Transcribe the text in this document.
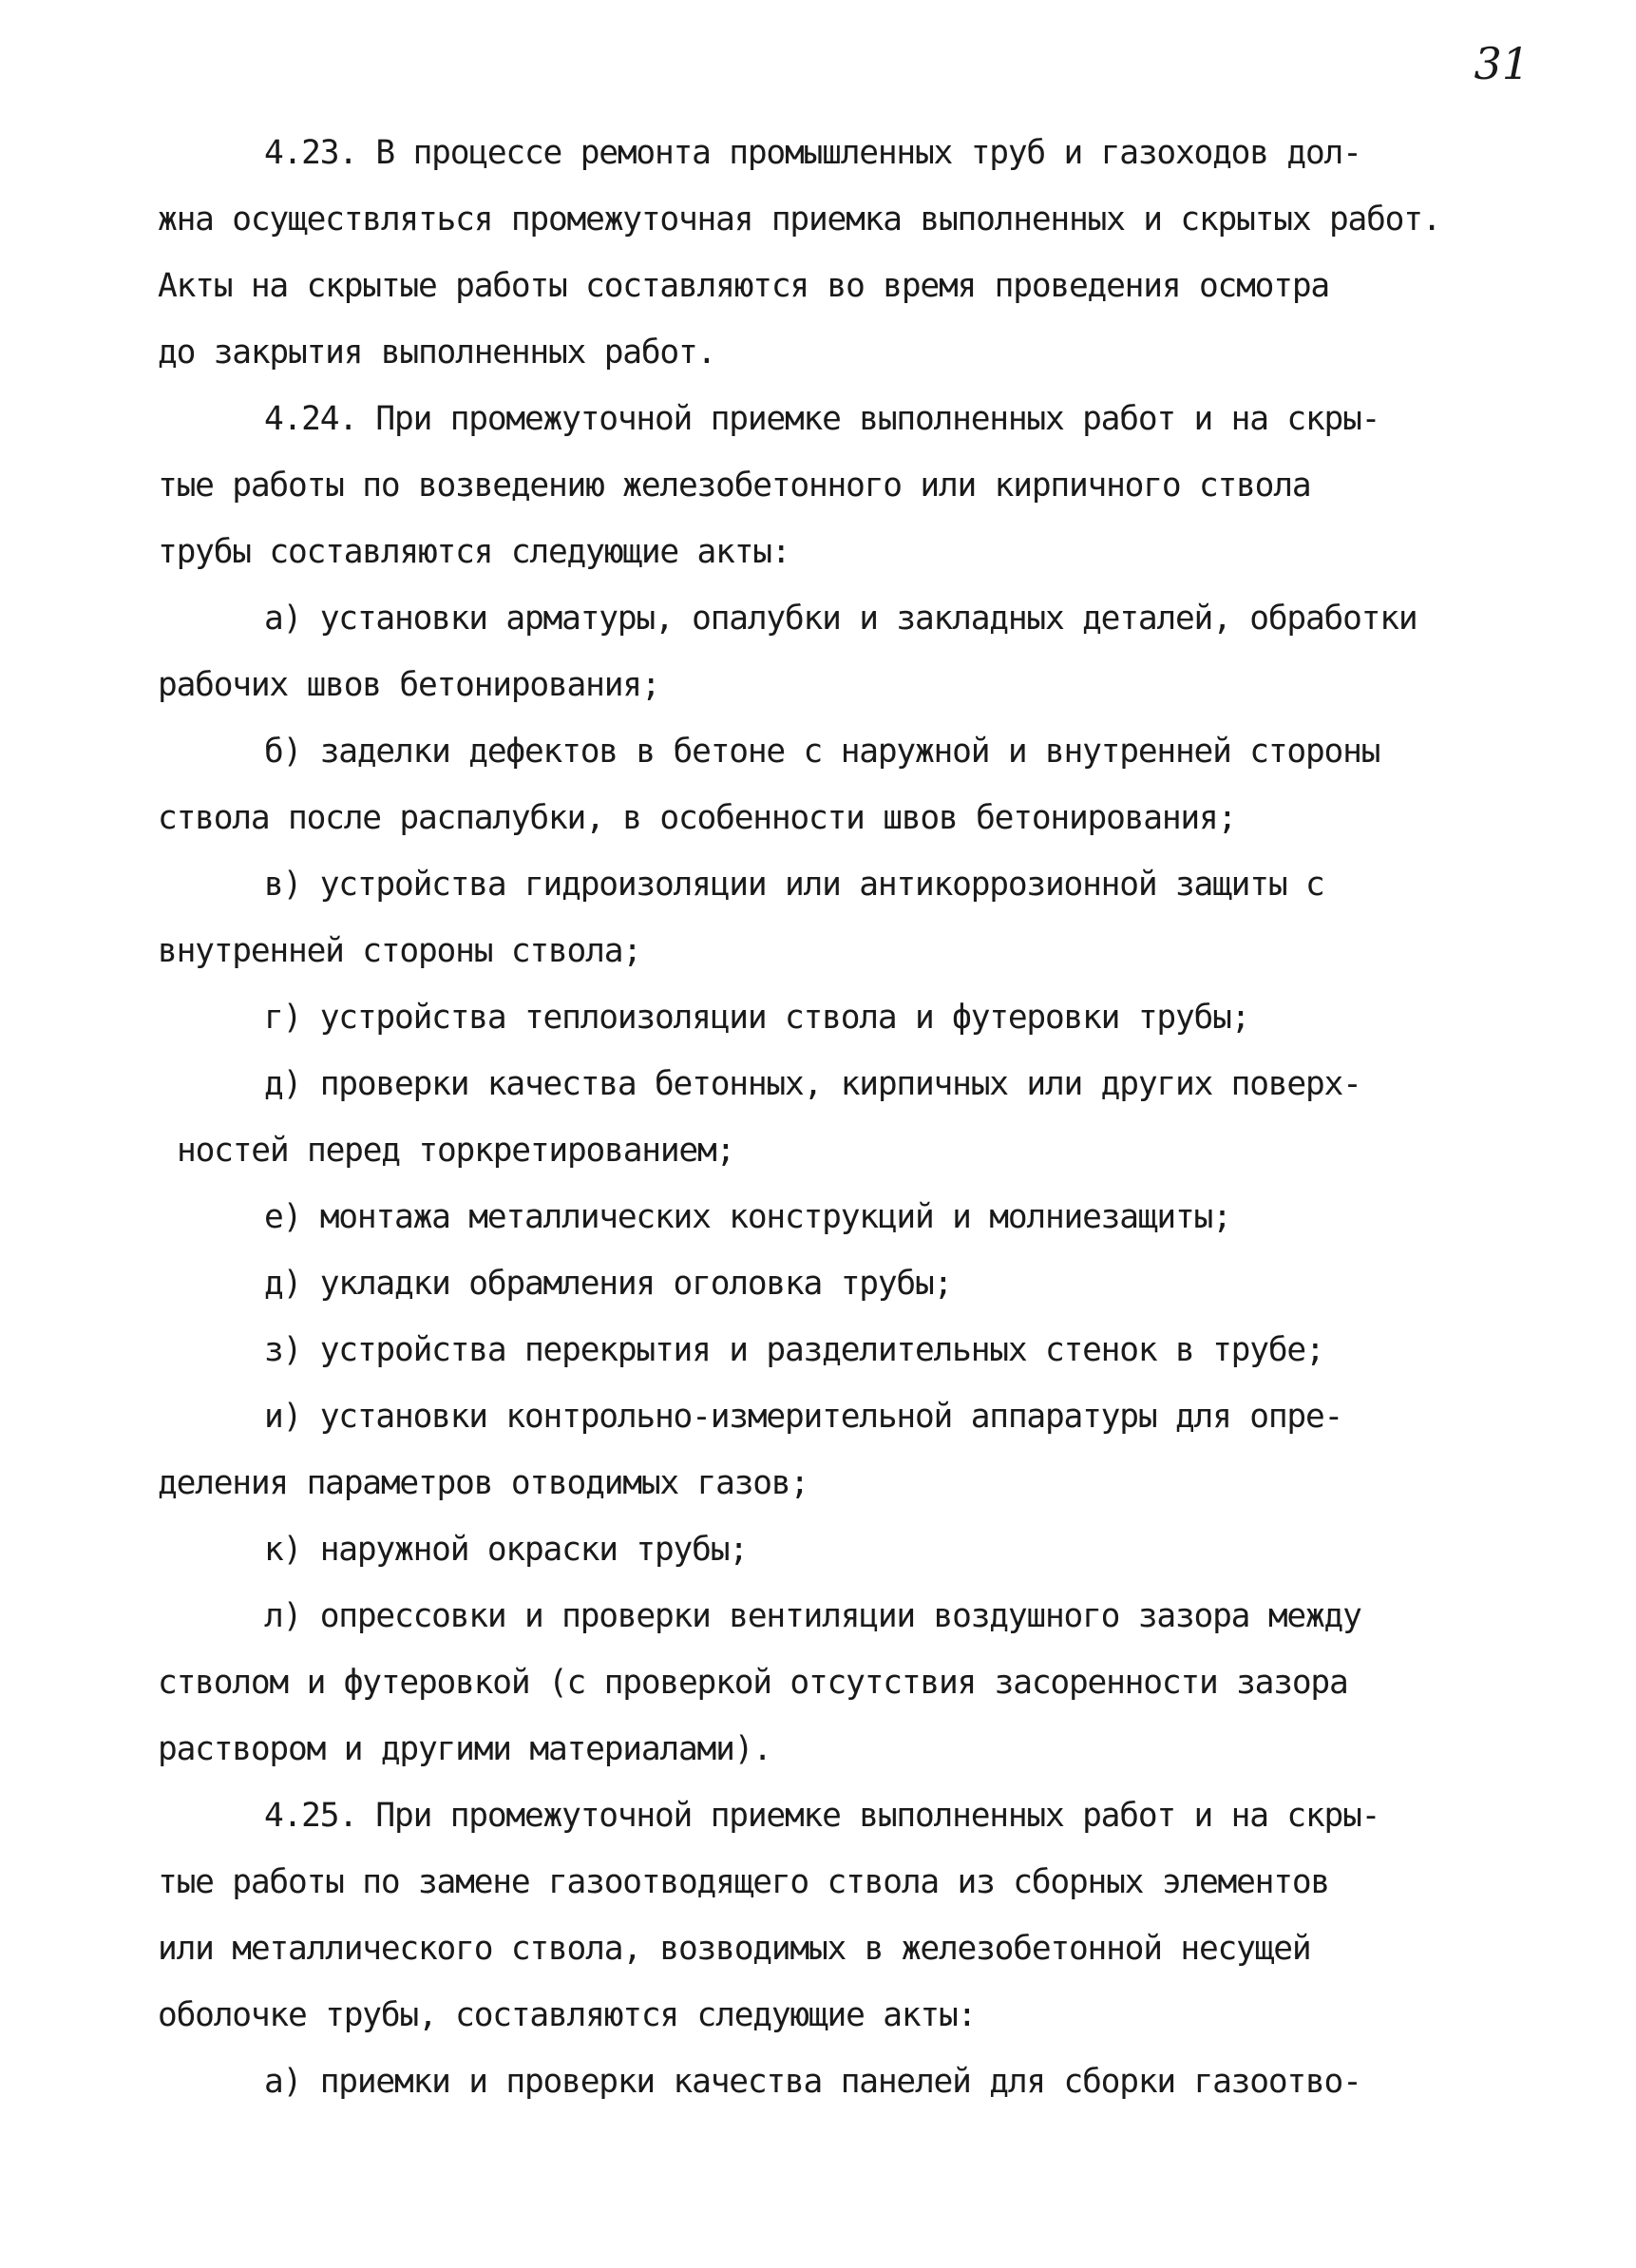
31
4.23. В процессе ремонта промышленных труб и газоходов дол-
жна осуществляться промежуточная приемка выполненных и скрытых работ.
Акты на скрытые работы составляются во время проведения осмотра
до закрытия выполненных работ.
4.24. При промежуточной приемке выполненных работ и на скры-
тые работы по возведению железобетонного или кирпичного ствола
трубы составляются следующие акты:
а) установки арматуры, опалубки и закладных деталей, обработки
рабочих швов бетонирования;
б) заделки дефектов в бетоне с наружной и внутренней стороны
ствола после распалубки, в особенности швов бетонирования;
в) устройства гидроизоляции или антикоррозионной защиты с
внутренней стороны ствола;
г) устройства теплоизоляции ствола и футеровки трубы;
д) проверки качества бетонных, кирпичных или других поверх-
ностей перед торкретированием;
е) монтажа металлических конструкций и молниезащиты;
д) укладки обрамления оголовка трубы;
з) устройства перекрытия и разделительных стенок в трубе;
и) установки контрольно-измерительной аппаратуры для опре-
деления параметров отводимых газов;
к) наружной окраски трубы;
л) опрессовки и проверки вентиляции воздушного зазора между
стволом и футеровкой (с проверкой отсутствия засоренности зазора
раствором и другими материалами).
4.25. При промежуточной приемке выполненных работ и на скры-
тые работы по замене газоотводящего ствола из сборных элементов
или металлического ствола, возводимых в железобетонной несущей
оболочке трубы, составляются следующие акты:
а) приемки и проверки качества панелей для сборки газоотво-
